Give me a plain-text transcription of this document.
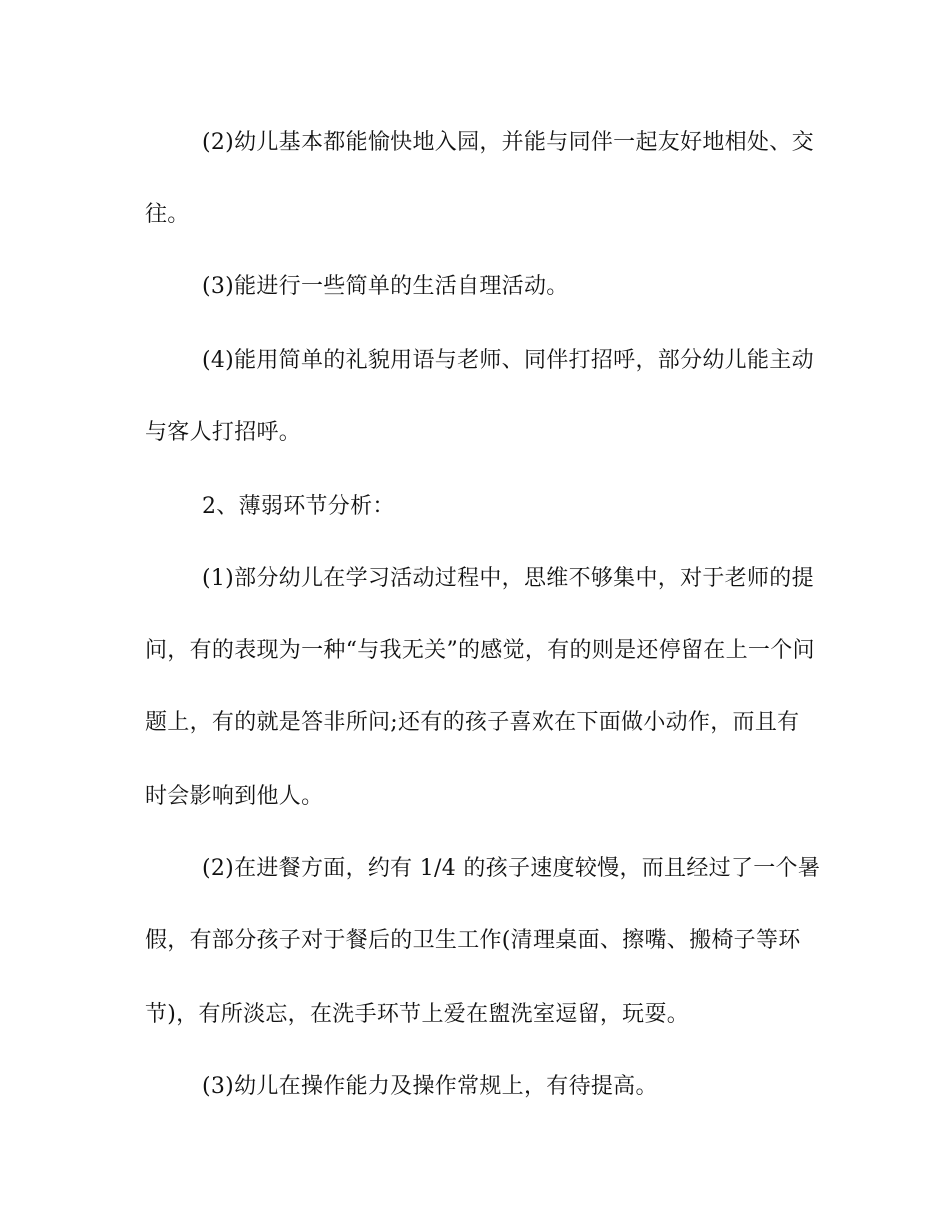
(2)幼儿基本都能愉快地入园，并能与同伴一起友好地相处、交
往。
(3)能进行一些简单的生活自理活动。
(4)能用简单的礼貌用语与老师、同伴打招呼，部分幼儿能主动
与客人打招呼。
2、薄弱环节分析：
(1)部分幼儿在学习活动过程中，思维不够集中，对于老师的提
问，有的表现为一种“与我无关”的感觉，有的则是还停留在上一个问
题上，有的就是答非所问;还有的孩子喜欢在下面做小动作，而且有
时会影响到他人。
(2)在进餐方面，约有 1/4 的孩子速度较慢，而且经过了一个暑
假，有部分孩子对于餐后的卫生工作(清理桌面、擦嘴、搬椅子等环
节)，有所淡忘，在洗手环节上爱在盥洗室逗留，玩耍。
(3)幼儿在操作能力及操作常规上，有待提高。
